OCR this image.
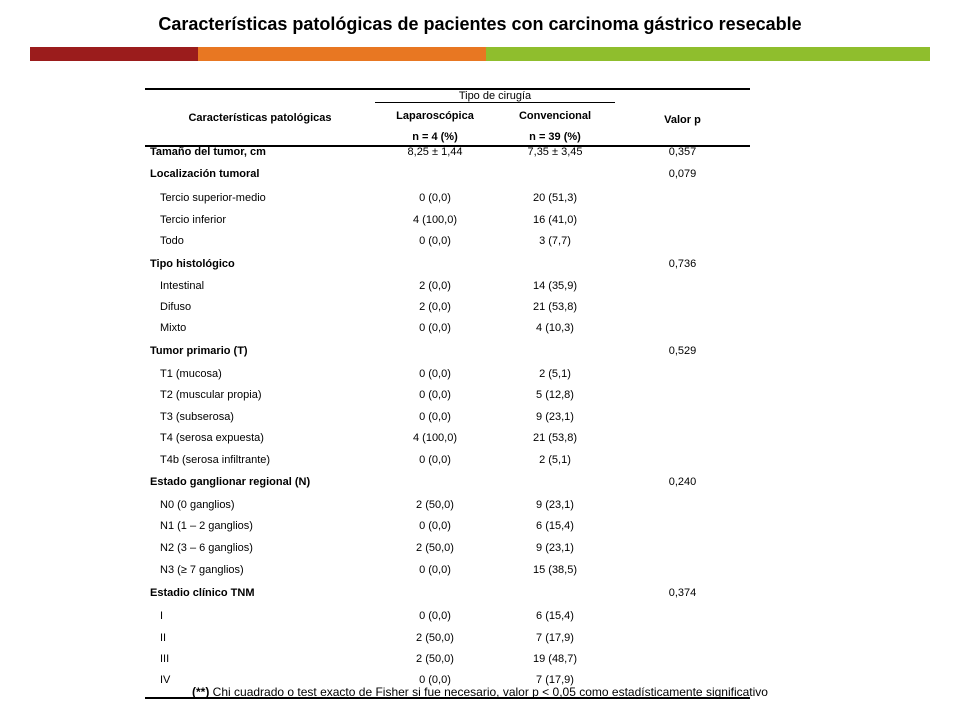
Características patológicas de pacientes con carcinoma gástrico resecable
Características patológicas
Tipo de cirugía
Laparoscópica
n = 4 (%)
Convencional
n = 39 (%)
Valor p
Tamaño del tumor, cm	8,25 ± 1,44	7,35 ± 3,45	0,357
Localización tumoral	0,079
Tercio superior-medio	0 (0,0)	20 (51,3)
Tercio inferior	4 (100,0)	16 (41,0)
Todo	0 (0,0)	3 (7,7)
Tipo histológico	0,736
Intestinal	2 (0,0)	14 (35,9)
Difuso	2 (0,0)	21 (53,8)
Mixto	0 (0,0)	4 (10,3)
Tumor primario (T)	0,529
T1 (mucosa)	0 (0,0)	2 (5,1)
T2 (muscular propia)	0 (0,0)	5 (12,8)
T3 (subserosa)	0 (0,0)	9 (23,1)
T4 (serosa expuesta)	4 (100,0)	21 (53,8)
T4b (serosa infiltrante)	0 (0,0)	2 (5,1)
Estado ganglionar regional (N)	0,240
N0 (0 ganglios)	2 (50,0)	9 (23,1)
N1 (1 – 2 ganglios)	0 (0,0)	6 (15,4)
N2 (3 – 6 ganglios)	2 (50,0)	9 (23,1)
N3 (≥ 7 ganglios)	0 (0,0)	15 (38,5)
Estadio clínico TNM	0,374
I	0 (0,0)	6 (15,4)
II	2 (50,0)	7 (17,9)
III	2 (50,0)	19 (48,7)
IV	0 (0,0)	7 (17,9)
(**) Chi cuadrado o test exacto de Fisher si fue necesario, valor p < 0,05 como estadísticamente significativo
